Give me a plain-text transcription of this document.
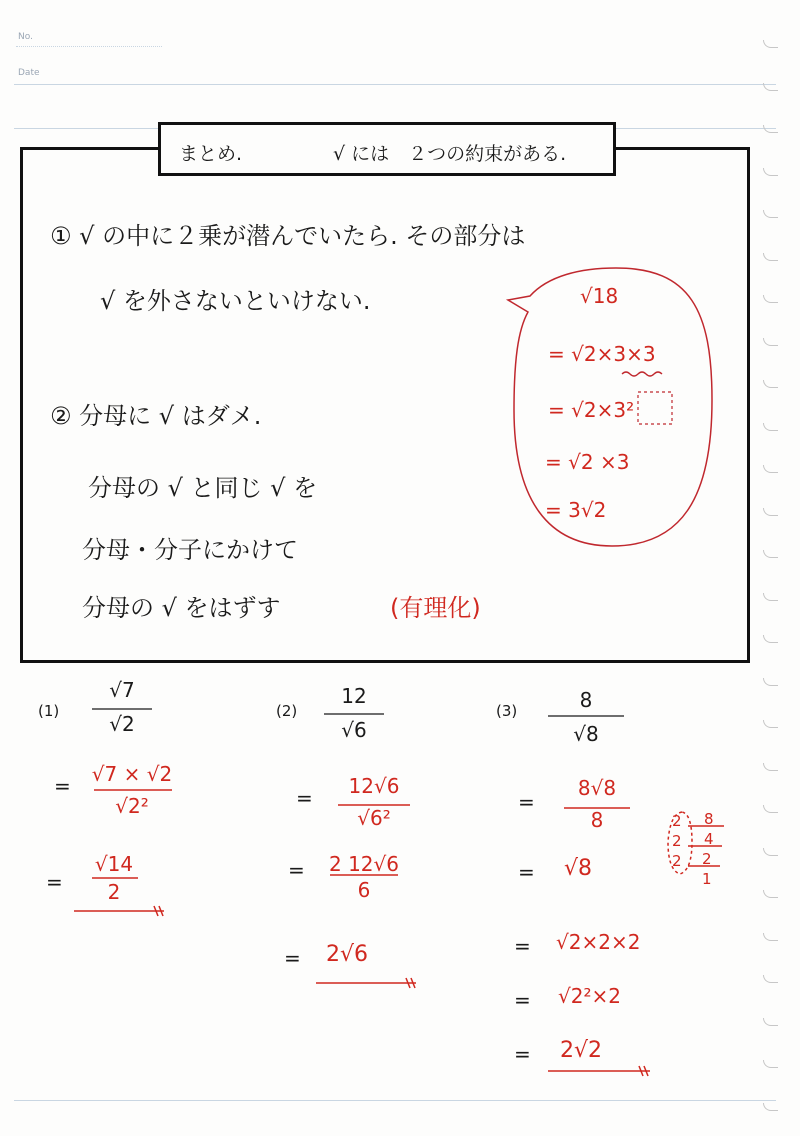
No.
Date
まとめ.	√ には　２つの約束がある.
① √ の中に２乗が潜んでいたら. その部分は
√ を外さないといけない.	√18
= √2×3×3
= √2×3²
= √2 ×3
= 3√2
② 分母に √ はダメ.
分母の √ と同じ √ を
分母・分子にかけて
分母の √ をはずす	(有理化)
(1)	(2)	(3)
√7
√2
=	√7 × √2
√2²
=
√14
2
12
√6
=	12√6
√6²
= 2 12√6
6
= 2√6
8
√8
=
8√8
8
= √8
= √2×2×2
= √2²×2
= 2√2
2
2
2
8
4
2
1
